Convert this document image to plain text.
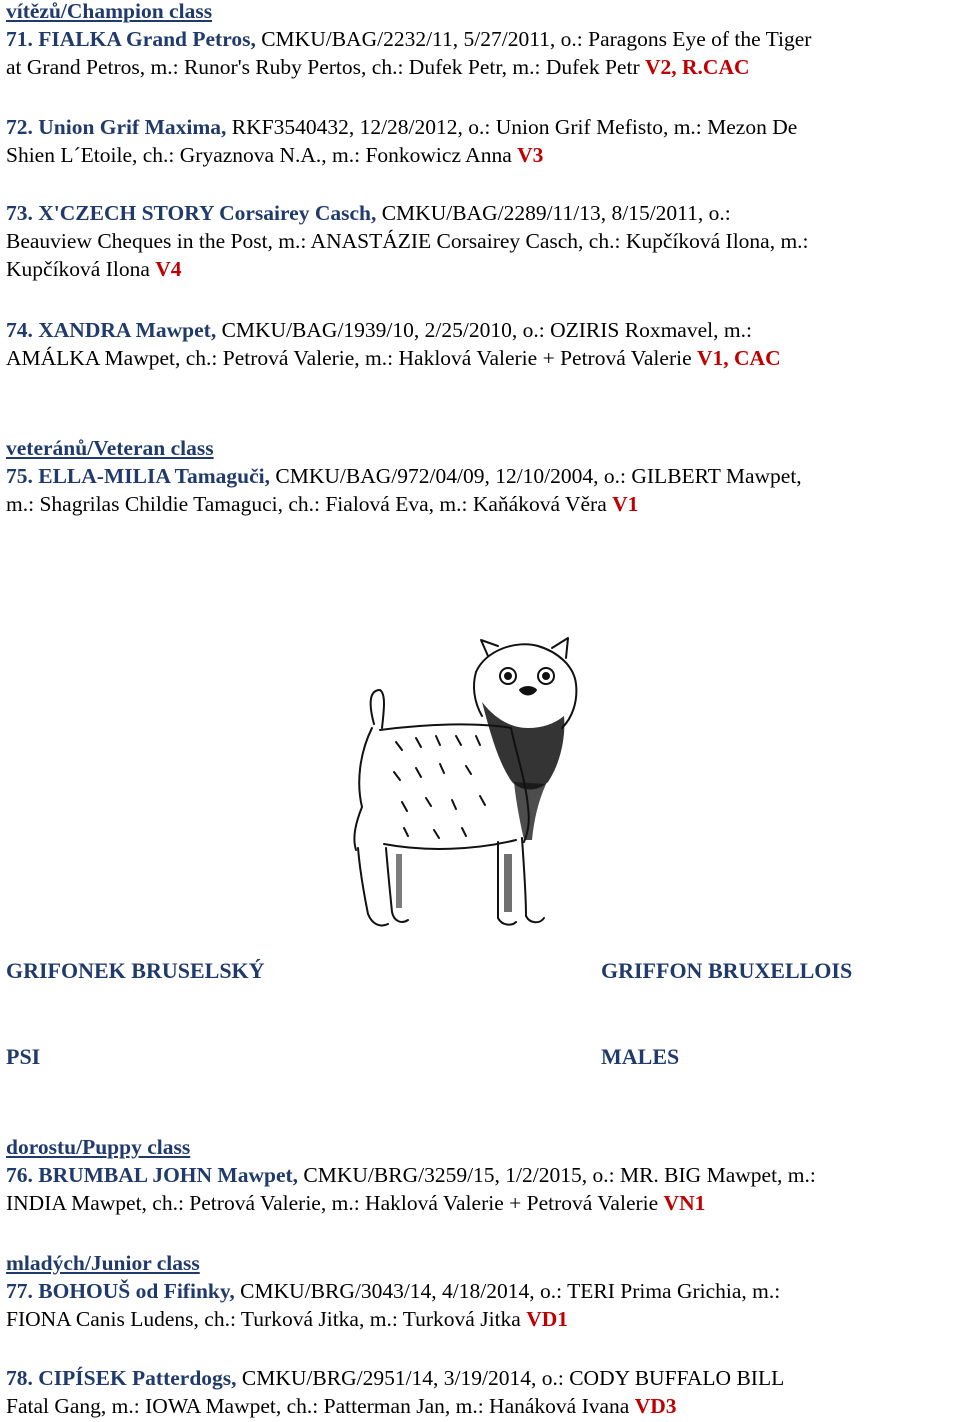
vítězů/Champion class
71. FIALKA Grand Petros, CMKU/BAG/2232/11, 5/27/2011, o.: Paragons Eye of the Tiger
at Grand Petros, m.: Runor's Ruby Pertos, ch.: Dufek Petr, m.: Dufek Petr V2, R.CAC
72. Union Grif Maxima, RKF3540432, 12/28/2012, o.: Union Grif Mefisto, m.: Mezon De
Shien L´Etoile, ch.: Gryaznova N.A., m.: Fonkowicz Anna V3
73. X'CZECH STORY Corsairey Casch, CMKU/BAG/2289/11/13, 8/15/2011, o.:
Beauview Cheques in the Post, m.: ANASTÁZIE Corsairey Casch, ch.: Kupčíková Ilona, m.:
Kupčíková Ilona V4
74. XANDRA Mawpet, CMKU/BAG/1939/10, 2/25/2010, o.: OZIRIS Roxmavel, m.:
AMÁLKA Mawpet, ch.: Petrová Valerie, m.: Haklová Valerie + Petrová Valerie V1, CAC
veteránů/Veteran class
75. ELLA-MILIA Tamaguči, CMKU/BAG/972/04/09, 12/10/2004, o.: GILBERT Mawpet,
m.: Shagrilas Childie Tamaguci, ch.: Fialová Eva, m.: Kaňáková Věra V1
GRIFONEK BRUSELSKÝ	GRIFFON BRUXELLOIS
PSI	MALES
dorostu/Puppy class
76. BRUMBAL JOHN Mawpet, CMKU/BRG/3259/15, 1/2/2015, o.: MR. BIG Mawpet, m.:
INDIA Mawpet, ch.: Petrová Valerie, m.: Haklová Valerie + Petrová Valerie VN1
mladých/Junior class
77. BOHOUŠ od Fifinky, CMKU/BRG/3043/14, 4/18/2014, o.: TERI Prima Grichia, m.:
FIONA Canis Ludens, ch.: Turková Jitka, m.: Turková Jitka VD1
78. CIPÍSEK Patterdogs, CMKU/BRG/2951/14, 3/19/2014, o.: CODY BUFFALO BILL
Fatal Gang, m.: IOWA Mawpet, ch.: Patterman Jan, m.: Hanáková Ivana VD3
